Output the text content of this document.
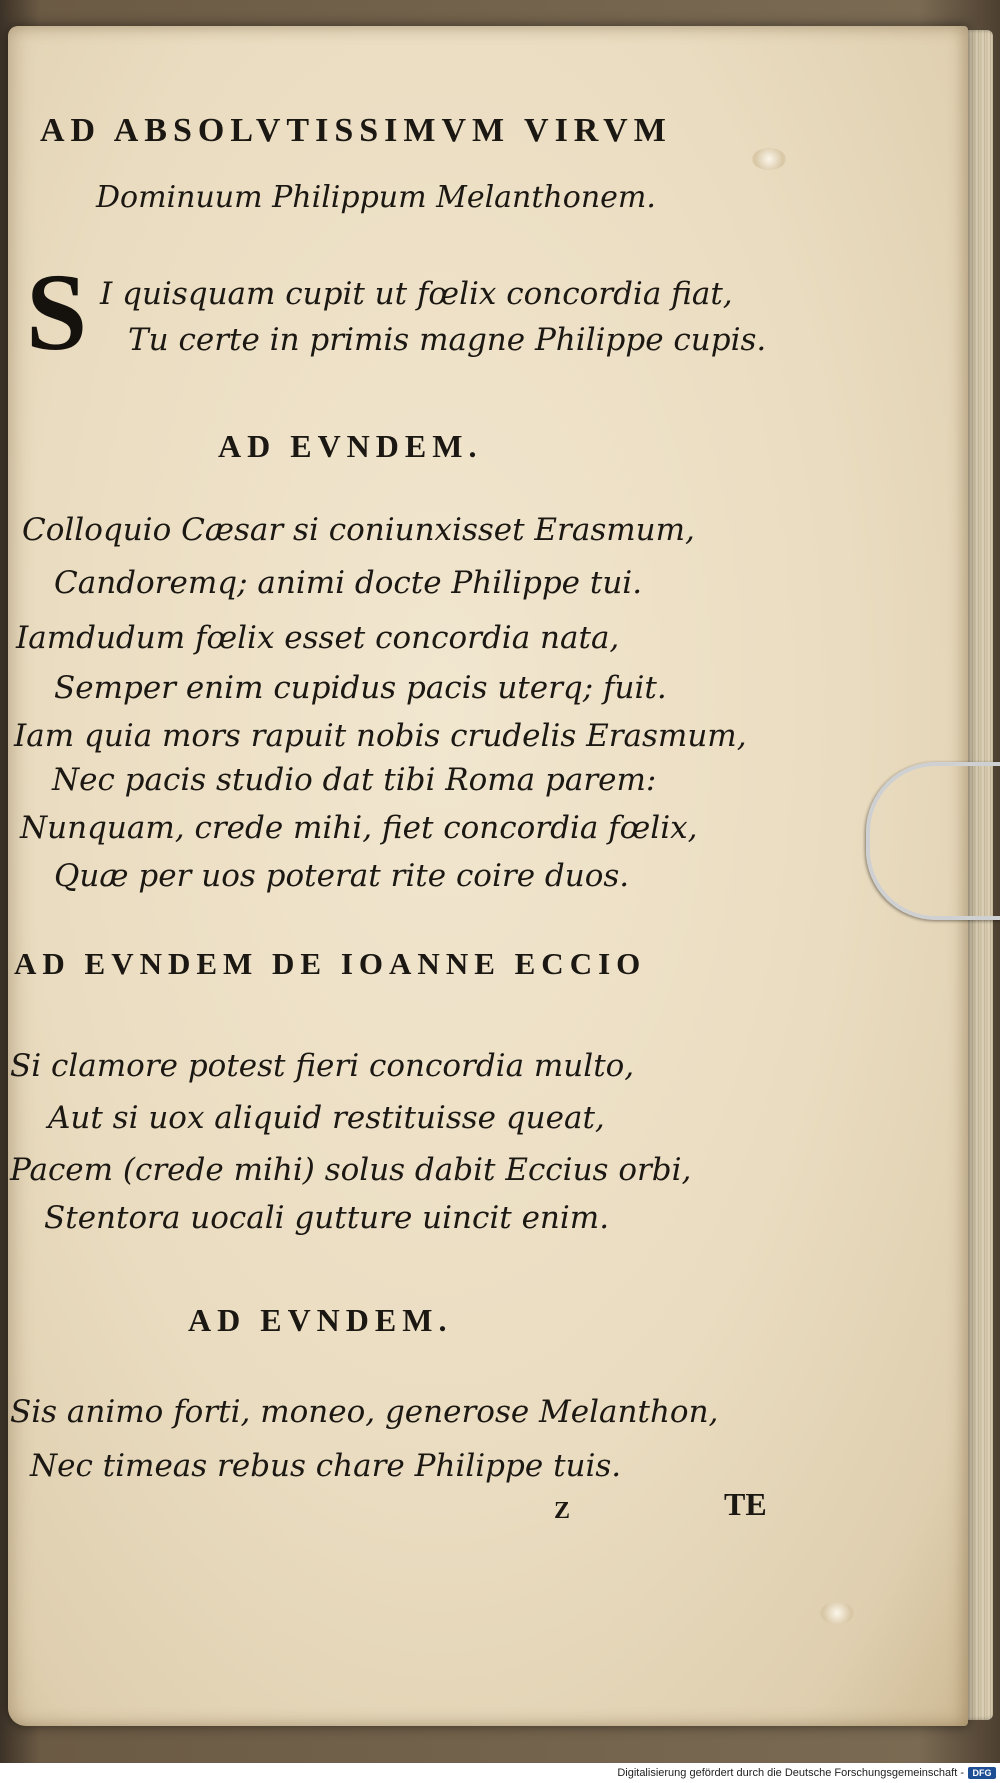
AD ABSOLVTISSIMVM VIRVM
Dominuum Philippum Melanthonem.
S I quisquam cupit ut fœlix concordia fiat,
Tu certe in primis magne Philippe cupis.
AD EVNDEM.
Colloquio Cæsar si coniunxisset Erasmum,
Candoremq; animi docte Philippe tui.
Iamdudum fœlix esset concordia nata,
Semper enim cupidus pacis uterq; fuit.
Iam quia mors rapuit nobis crudelis Erasmum,
Nec pacis studio dat tibi Roma parem:
Nunquam, crede mihi, fiet concordia fœlix,
Quæ per uos poterat rite coire duos.
AD EVNDEM DE IOANNE ECCIO
Si clamore potest fieri concordia multo,
Aut si uox aliquid restituisse queat,
Pacem (crede mihi) solus dabit Eccius orbi,
Stentora uocali gutture uincit enim.
AD EVNDEM.
Sis animo forti, moneo, generose Melanthon,
Nec timeas rebus chare Philippe tuis.
Z	TE
Digitalisierung gefördert durch die Deutsche Forschungsgemeinschaft - DFG
